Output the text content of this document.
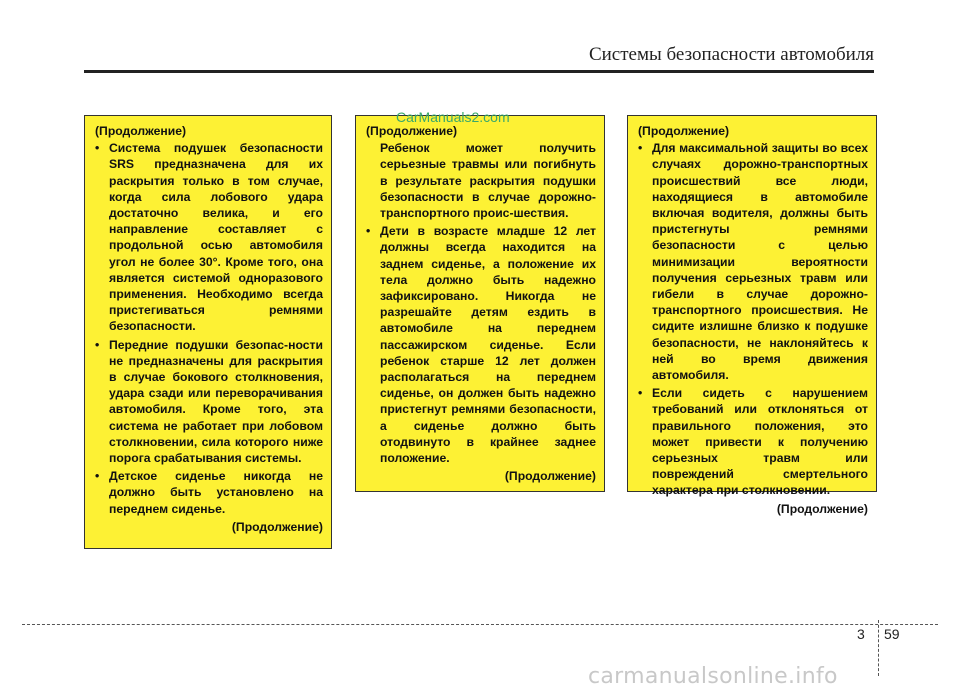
Системы безопасности автомобиля
(Продолжение)
• Система подушек безопасности SRS предназначена для их раскрытия только в том случае, когда сила лобового удара достаточно велика, и его направление составляет с продольной осью автомобиля угол не более 30°. Кроме того, она является системой одноразового применения. Необходимо всегда пристегиваться ремнями безопасности.
• Передние подушки безопас-ности не предназначены для раскрытия в случае бокового столкновения, удара сзади или переворачивания автомобиля. Кроме того, эта система не работает при лобовом столкновении, сила которого ниже порога срабатывания системы.
• Детское сиденье никогда не должно быть установлено на переднем сиденье.
(Продолжение)
(Продолжение)
Ребенок может получить серьезные травмы или погибнуть в результате раскрытия подушки безопасности в случае дорожно-транспортного проис-шествия.
• Дети в возрасте младше 12 лет должны всегда находится на заднем сиденье, а положение их тела должно быть надежно зафиксировано. Никогда не разрешайте детям ездить в автомобиле на переднем пассажирском сиденье. Если ребенок старше 12 лет должен располагаться на переднем сиденье, он должен быть надежно пристегнут ремнями безопасности, а сиденье должно быть отодвинуто в крайнее заднее положение.
(Продолжение)
CarManuals2.com
(Продолжение)
• Для максимальной защиты во всех случаях дорожно-транспортных происшествий все люди, находящиеся в автомобиле включая водителя, должны быть пристегнуты ремнями безопасности с целью минимизации вероятности получения серьезных травм или гибели в случае дорожно-транспортного происшествия. Не сидите излишне близко к подушке безопасности, не наклоняйтесь к ней во время движения автомобиля.
• Если сидеть с нарушением требований или отклоняться от правильного положения, это может привести к получению серьезных травм или повреждений смертельного характера при столкновении.
(Продолжение)
3 59
carmanualsonline.info
